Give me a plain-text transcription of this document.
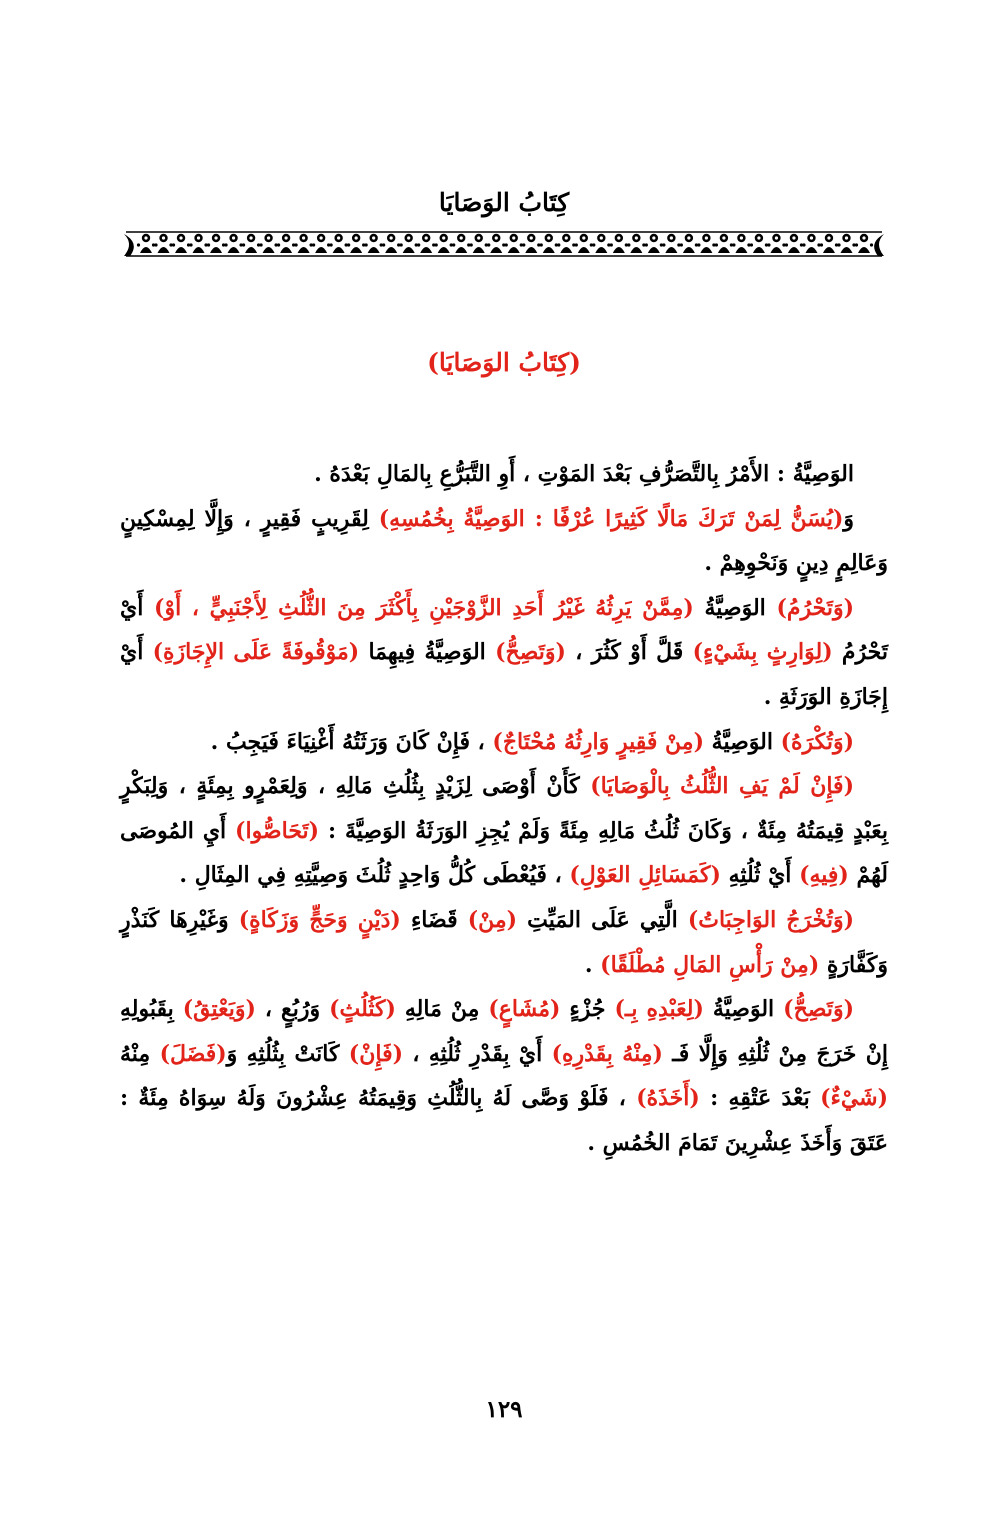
كِتَابُ الوَصَايَا
(كِتَابُ الوَصَايَا)

الوَصِيَّةُ : الأَمْرُ بِالتَّصَرُّفِ بَعْدَ المَوْتِ ، أَوِ التَّبَرُّعِ بِالمَالِ بَعْدَهُ .

وَ(يُسَنُّ لِمَنْ تَرَكَ مَالًا كَثِيرًا عُرْفًا : الوَصِيَّةُ بِخُمُسِهِ) لِقَرِيبٍ فَقِيرٍ ، وَإِلَّا لِمِسْكِينٍ وَعَالِمٍ دِينٍ وَنَحْوِهِمْ .

(وَتَحْرُمُ) الوَصِيَّةُ (مِمَّنْ يَرِثُهُ غَيْرُ أَحَدِ الزَّوْجَيْنِ بِأَكْثَرَ مِنَ الثُّلُثِ لِأَجْنَبِيٍّ ، أَوْ) أَيْ تَحْرُمُ (لِوَارِثٍ بِشَيْءٍ) قَلَّ أَوْ كَثُرَ ، (وَتَصِحُّ) الوَصِيَّةُ فِيهِمَا (مَوْقُوفَةً عَلَى الإِجَازَةِ) أَيْ إِجَازَةِ الوَرَثَةِ .

(وَتُكْرَهُ) الوَصِيَّةُ (مِنْ فَقِيرٍ وَارِثُهُ مُحْتَاجٌ) ، فَإِنْ كَانَ وَرَثَتُهُ أَغْنِيَاءَ فَيَجِبُ .

(فَإِنْ لَمْ يَفِ الثُّلُثُ بِالْوَصَايَا) كَأَنْ أَوْصَى لِزَيْدٍ بِثُلُثِ مَالِهِ ، وَلِعَمْرٍو بِمِئَةٍ ، وَلِبَكْرٍ بِعَبْدٍ قِيمَتُهُ مِئَةٌ ، وَكَانَ ثُلُثُ مَالِهِ مِئَةً وَلَمْ يُجِزِ الوَرَثَةُ الوَصِيَّةَ : (تَحَاصُّوا) أَيِ المُوصَى لَهُمْ (فِيهِ) أَيْ ثُلُثِهِ (كَمَسَائِلِ العَوْلِ) ، فَيُعْطَى كُلُّ وَاحِدٍ ثُلُثَ وَصِيَّتِهِ فِي المِثَالِ .

(وَتُخْرَجُ الوَاجِبَاتُ) الَّتِي عَلَى المَيِّتِ (مِنْ) قَضَاءِ (دَيْنٍ وَحَجٍّ وَزَكَاةٍ) وَغَيْرِهَا كَنَذْرٍ وَكَفَّارَةٍ (مِنْ رَأْسِ المَالِ مُطْلَقًا) .

(وَتَصِحُّ) الوَصِيَّةُ (لِعَبْدِهِ بِـ) جُزْءٍ (مُشَاعٍ) مِنْ مَالِهِ (كَثُلُثٍ) وَرُبُعٍ ، (وَيَعْتِقُ) بِقَبُولِهِ إِنْ خَرَجَ مِنْ ثُلُثِهِ وَإِلَّا فَـ (مِنْهُ بِقَدْرِهِ) أَيْ بِقَدْرِ ثُلُثِهِ ، (فَإِنْ) كَانَتْ بِثُلُثِهِ وَ(فَضَلَ) مِنْهُ (شَيْءٌ) بَعْدَ عَتْقِهِ : (أَخَذَهُ) ، فَلَوْ وَصَّى لَهُ بِالثُّلُثِ وَقِيمَتُهُ عِشْرُونَ وَلَهُ سِوَاهُ مِئَةٌ : عَتَقَ وَأَخَذَ عِشْرِينَ تَمَامَ الخُمُسِ .

١٢٩
